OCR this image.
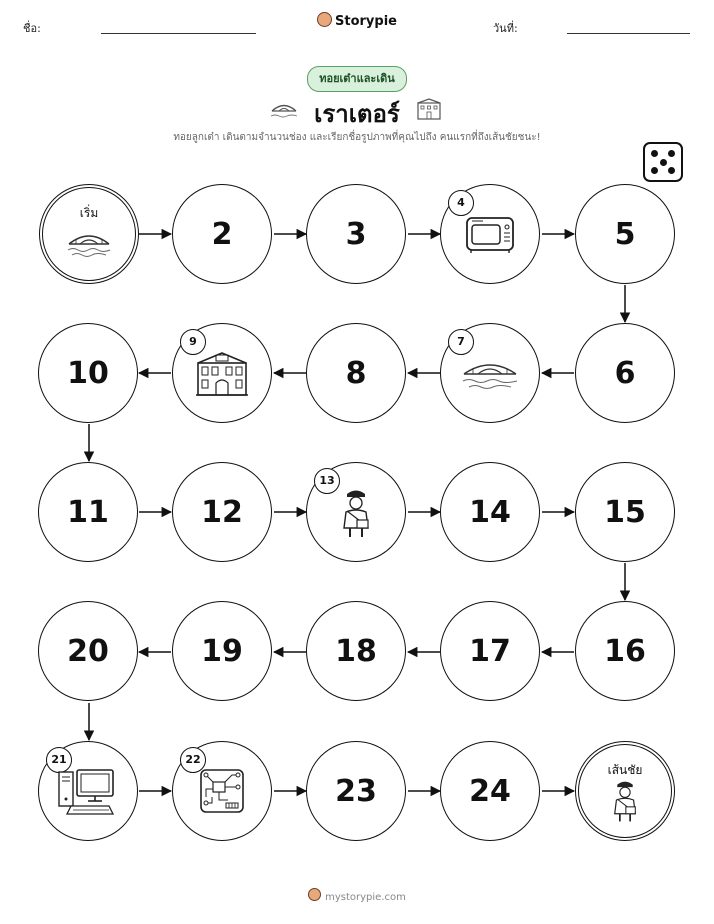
ชื่อ:	Storypie	วันที่:
ทอยเต๋าและเดิน
เราเตอร์
ทอยลูกเต๋า เดินตามจำนวนช่อง และเรียกชื่อรูปภาพที่คุณไปถึง คนแรกที่ถึงเส้นชัยชนะ!
เริ่ม
2	3
4
5
6
7
8
9
10
11	12
13
14	15
16
17
18
19
20
21	22
23	24
เส้นชัย
mystorypie.com
